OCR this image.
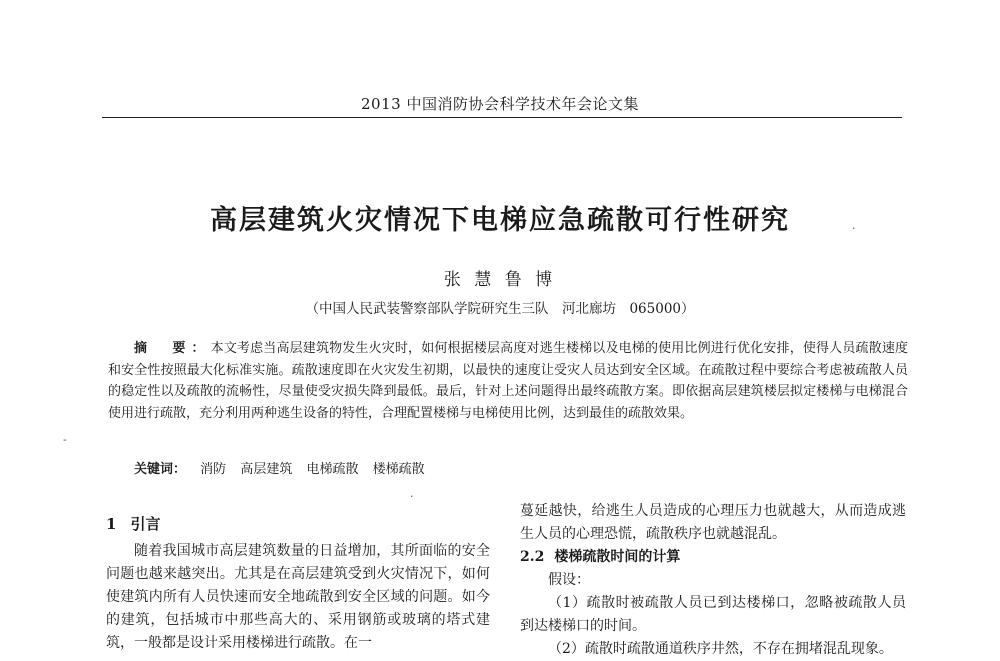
2013 中国消防协会科学技术年会论文集
高层建筑火灾情况下电梯应急疏散可行性研究
张 慧 鲁 博
（中国人民武装警察部队学院研究生三队　河北廊坊　065000）

摘　要：本文考虑当高层建筑物发生火灾时，如何根据楼层高度对逃生楼梯以及电梯的使用比例进行优化安排，使得人员疏散速度和安全性按照最大化标准实施。疏散速度即在火灾发生初期，以最快的速度让受灾人员达到安全区域。在疏散过程中要综合考虑被疏散人员的稳定性以及疏散的流畅性，尽量使受灾损失降到最低。最后，针对上述问题得出最终疏散方案。即依据高层建筑楼层拟定楼梯与电梯混合使用进行疏散，充分利用两种逃生设备的特性，合理配置楼梯与电梯使用比例，达到最佳的疏散效果。

关键词： 消防 高层建筑 电梯疏散 楼梯疏散
1 引言

随着我国城市高层建筑数量的日益增加，其所面临的安全问题也越来越突出。尤其是在高层建筑受到火灾情况下，如何使建筑内所有人员快速而安全地疏散到安全区域的问题。如今的建筑，包括城市中那些高大的、采用钢筋或玻璃的塔式建筑，一般都是设计采用楼梯进行疏散。在一

蔓延越快，给逃生人员造成的心理压力也就越大，从而造成逃生人员的心理恐慌，疏散秩序也就越混乱。

2.2 楼梯疏散时间的计算

假设：

（1）疏散时被疏散人员已到达楼梯口，忽略被疏散人员到达楼梯口的时间。

（2）疏散时疏散通道秩序井然，不存在拥堵混乱现象。

·
-
·
